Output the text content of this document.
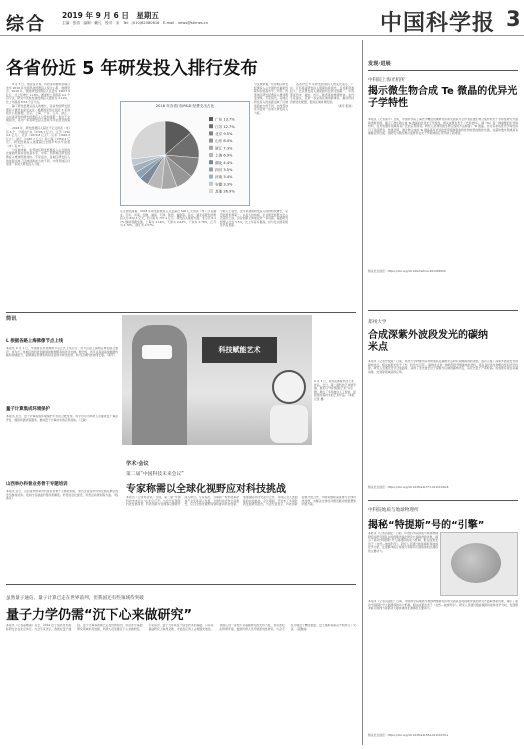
综合 2019 年 9 月 6 日　星期五
主编：张清　编辑：戴凡　校对：宋　Tel：(010)62580616　E-mail：news@stimes.cn	中国科学报 3
各省份近 5 年研发投入排行发布

9 月 3 日，国家统计局、科技部和财政部联合发布 2018 年全国科技经费投入统计公报。数据显示，2018 年，我国研发经费投入总量为 19677.9 亿元，比上年增长 11.8%。增速较上年提高 0.2 个百分点；研究与试验发展经费投入强度为 2.19%，比上年提高 0.04 个百分点。

除了研发经费总投入的增长，各省份的研发经费投入情况也备受关注。根据国家统计局近 5 年的统计公报数据，北京、上海、广东、江苏、浙江、山东等省份的研发经费投入总量和强度一直处于全国前列，其中广东省研发投入连续多年位居全国第一。

2018 年，研发经费投入超过千亿元的省（市）有 6 个，分别为广东（2704.7 亿元）、江苏（2504.4 亿元）、北京（1870.8 亿元）、山东（1643.3 亿元）、浙江（1445.7 亿元）和上海（1359.2 亿元）。研发经费投入强度超过全国平均水平的省（市）有 8 个。

分区域来看，东部地区研发经费投入占全国的比重始终保持在较高水平，中部、西部地区研发经费投入增速明显加快。专家指出，各地区研发投入的差距反映了区域创新能力的不同，中西部地区仍需进一步加大研发投入力度。

2018 年各省(市)R&D 经费支出占比
广东 13.7%
江苏 12.7%
北京 9.5%
山东 8.4%
浙江 7.3%
上海 6.9%
湖北 4.4%
四川 3.5%
河南 3.4%
安徽 3.3%
其他 26.9%
从全国范围看，2018 年研发经费投入总量超过 500 亿元的省（市）还有湖北、四川、河南、安徽、湖南、天津、陕西、福建等。其中，湖北省研发经费投入为 822.1 亿元，四川省为 737.1 亿元。研发投入强度方面，北京以 6.17% 继续领跑全国，上海为 4.16%，天津为 2.62%，广东为 2.78%，江苏为 2.70%，浙江为 2.57%。
分析人士指出，近年来我国研发投入保持较快增长，总量稳居世界第二。从投入结构看，企业研发经费支出占比超过七成，企业创新主体地位进一步巩固。基础研究经费占比为 5.5%，比上年有所提高，但与发达国家相比仍有差距。

各省份近 5 年研发经费投入的变化显示，广东、江苏两省研发投入规模持续领先，且差距逐渐拉大；北京研发投入强度始终位居全国第一。中西部省份中，湖北、四川、陕西等地增速较快。业内专家建议，应进一步完善区域创新体系，推动科技资源优化配置，促进区域协调发展。

（黄辛 报道）

分区域来看，东部地区研发经费投入占全国的比重始终保持在较高水平，中部、西部地区研发经费投入增速明显加快。专家指出，各地区研发投入的差距反映了区域创新能力的不同，中西部地区仍需进一步加大研发投入力度。
简讯
L 根据各路上海佛像节点上线
本报讯 9 月 1 日，中国首家科技佛像节点正式上线运行。该节点由上海相关单位联合建设，将为长三角地区的科技创新提供数据服务和技术支撑。据介绍，该节点具备高速数据传输和存储能力，能够满足科研机构和企业的多样化需求，助力区域科技协同发展。（黄辛）
量子计算集成环境保护
本报讯 近日，量子计算集成环境保护平台在合肥发布。该平台可为科研人员提供量子算法开发、模拟和测试等服务，推动量子计算技术的应用落地。（王敏）
山西举办科普业务骨干专题培训
本报讯 近日，山西省科协举办科普业务骨干专题培训班，来自全省各市科协及相关单位的学员参加培训。培训内容涵盖科普政策解读、科普信息化建设、科普活动策划等方面。（程春生）
科技赋能艺术
9 月 3 日，观众在体验科技艺术作品。当日，第二届科技艺术展开幕，展览以“科技赋能艺术”为主题，展出了多件融合人工智能、虚拟现实等技术的艺术作品。（本报记者 摄）
学术·会议
第二届“中国科技未来会议”
专家称需以全球化视野应对科技挑战
本报讯（记者郑金武）日前，第二届“中国科技未来会议”在北京召开。与会专家围绕科技发展趋势、科技创新与治理等议题展开深入研讨。专家指出，当前新一轮科技革命和产业变革深入发展，全球科技竞争日趋激烈，应以全球化视野谋划和推动科技创新，加强国际科技交流与合作，共同应对人类面临的共同挑战。会议期间，还发布了多项科技发展研究报告。与会代表表示，科技创新需要开放合作，中国将继续深度参与全球科技治理，为解决全球性问题贡献中国智慧和中国方案。
虽然量子通信、量子计算已走在世界前列，但我国还有些领域待突破
量子力学仍需“沉下心来做研究”
本报讯（记者高雅丽）近日，2019 量子信息技术国际研讨会在北京举行。与会专家表示，我国在量子通信、量子计算等领域已走在世界前列，但在部分基础研究领域仍需加强，科研人员需要沉下心来做研究。专家指出，量子力学是量子信息技术的基础，只有在基础研究上取得突破，才能在应用上占据领先地位。我国应进一步加大对基础研究的支持力度，营造宽松的科研环境，鼓励科研人员开展原创性研究。与会专家还就量子精密测量、量子模拟等前沿方向进行了交流。（高雅丽）
发现·进展
中科院上海光机所
揭示微生物合成 Te 微晶的优异光子学特性
本报讯（记者黄辛）日前，中国科学院上海光学精密机械研究所研究团队与合作者在微生物合成材料光子学特性研究方面取得新进展，揭示了微生物合成 Te 微晶的优异光子学特性。相关成果发表于《先进材料》。碲（Te）是一种重要的半导体材料，在光电器件领域具有广泛的应用前景。研究人员利用微生物合成的方法制备了 Te 微晶，并对其非线性光学特性进行了系统研究。结果表明，微生物合成的 Te 微晶具有优异的宽带饱和吸收特性和较低的饱和光强，在超快激光领域具有重要应用价值。该研究为微生物合成材料在光子学领域的应用开辟了新途径。
相关论文信息：https://doi.org/10.1002/adma.201903000
郑州大学
合成深紫外波段发光的碳纳米点
本报讯（记者史俊斌）日前，郑州大学物理学院科研团队在碳纳米点研究领域取得新进展，成功合成了深紫外波段发光的碳纳米点。相关成果发表于《光：科学与应用》。碳纳米点是一种新型的零维碳纳米材料，具有良好的生物相容性和光学性能。研究人员通过设计合成路线，获得了发光波长位于深紫外区域的碳纳米点，其荧光量子产率较高。该成果有望在杀菌消毒、光刻等领域获得应用。
相关论文信息：https://doi.org/10.1038/s41377-019-0199-8
中科院地质与地球物理所
揭秘“特提斯”号的“引擎”
本报讯（记者冯丽妃）日前，中国科学院地质与地球物理研究所研究团队在特提斯洋演化研究方面取得新进展，揭示了驱动“特提斯”号大陆漂移的动力机制。相关成果发表于《自然—地球科学》。研究人员通过数值模拟和地球化学分析，发现俯冲板片拖拽力是驱动大陆块体向北漂移的主要动力。
本报讯（记者冯丽妃）日前，中国科学院地质与地球物理研究所研究团队在特提斯洋演化研究方面取得新进展，揭示了驱动“特提斯”号大陆漂移的动力机制。相关成果发表于《自然—地球科学》。研究人员通过数值模拟和地球化学分析，发现俯冲板片拖拽力是驱动大陆块体向北漂移的主要动力。
相关论文信息：https://doi.org/10.1038/s41561-019-0430-x
